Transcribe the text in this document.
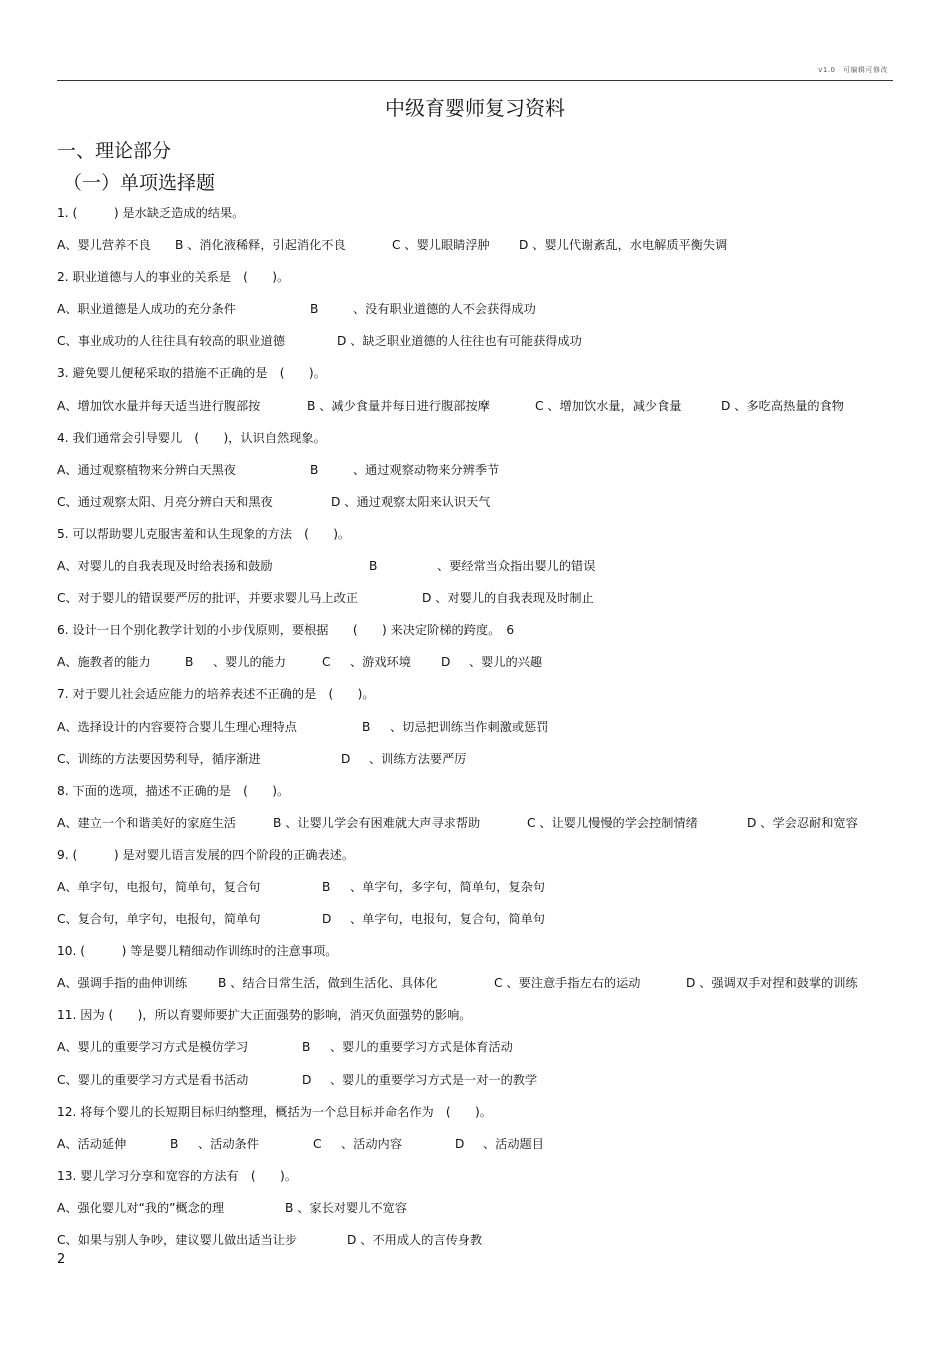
v1.0　可编辑可修改
中级育婴师复习资料
一、理论部分
（一）单项选择题
1. (　　　) 是水缺乏造成的结果。
A、婴儿营养不良 B 、消化液稀释，引起消化不良	C 、婴儿眼睛浮肿 D 、婴儿代谢紊乱，水电解质平衡失调
2. 职业道德与人的事业的关系是　(　　)。
A、职业道德是人成功的充分条件	B	、没有职业道德的人不会获得成功
C、事业成功的人往往具有较高的职业道德	D 、缺乏职业道德的人往往也有可能获得成功
3. 避免婴儿便秘采取的措施不正确的是　(　　)。
A、增加饮水量并每天适当进行腹部按	B 、减少食量并每日进行腹部按摩	C 、增加饮水量，减少食量	D 、多吃高热量的食物
4. 我们通常会引导婴儿　(　　)，认识自然现象。
A、通过观察植物来分辨白天黑夜	B	、通过观察动物来分辨季节
C、通过观察太阳、月亮分辨白天和黑夜	D 、通过观察太阳来认识天气
5. 可以帮助婴儿克服害羞和认生现象的方法　(　　)。
A、对婴儿的自我表现及时给表扬和鼓励	B	、要经常当众指出婴儿的错误
C、对于婴儿的错误要严厉的批评，并要求婴儿马上改正	D 、对婴儿的自我表现及时制止
6. 设计一日个别化教学计划的小步伐原则，要根据　　(　　) 来决定阶梯的跨度。　6
A、施教者的能力	B 、婴儿的能力	C 、游戏环境 D 、婴儿的兴趣
7. 对于婴儿社会适应能力的培养表述不正确的是　(　　)。
A、选择设计的内容要符合婴儿生理心理特点	B 、切忌把训练当作刺激或惩罚
C、训练的方法要因势利导，循序渐进	D 、训练方法要严厉
8. 下面的选项，描述不正确的是　(　　)。
A、建立一个和谐美好的家庭生活	B 、让婴儿学会有困难就大声寻求帮助	C 、让婴儿慢慢的学会控制情绪	D 、学会忍耐和宽容
9. (　　　) 是对婴儿语言发展的四个阶段的正确表述。
A、单字句，电报句，简单句，复合句	B 、单字句，多字句，简单句，复杂句
C、复合句，单字句，电报句，简单句	D 、单字句，电报句，复合句，简单句
10. (　　　) 等是婴儿精细动作训练时的注意事项。
A、强调手指的曲伸训练	B 、结合日常生活，做到生活化、具体化	C 、要注意手指左右的运动	D 、强调双手对捏和鼓掌的训练
11. 因为 (　　)，所以育婴师要扩大正面强势的影响，消灭负面强势的影响。
A、婴儿的重要学习方式是模仿学习	B 、婴儿的重要学习方式是体育活动
C、婴儿的重要学习方式是看书活动	D 、婴儿的重要学习方式是一对一的教学
12. 将每个婴儿的长短期目标归纳整理，概括为一个总目标并命名作为　(　　)。
A、活动延伸	B 、活动条件	C 、活动内容	D 、活动题目
13. 婴儿学习分享和宽容的方法有　(　　)。
A、强化婴儿对“我的”概念的理	B 、家长对婴儿不宽容
C、如果与别人争吵，建议婴儿做出适当让步	D 、不用成人的言传身教
2
